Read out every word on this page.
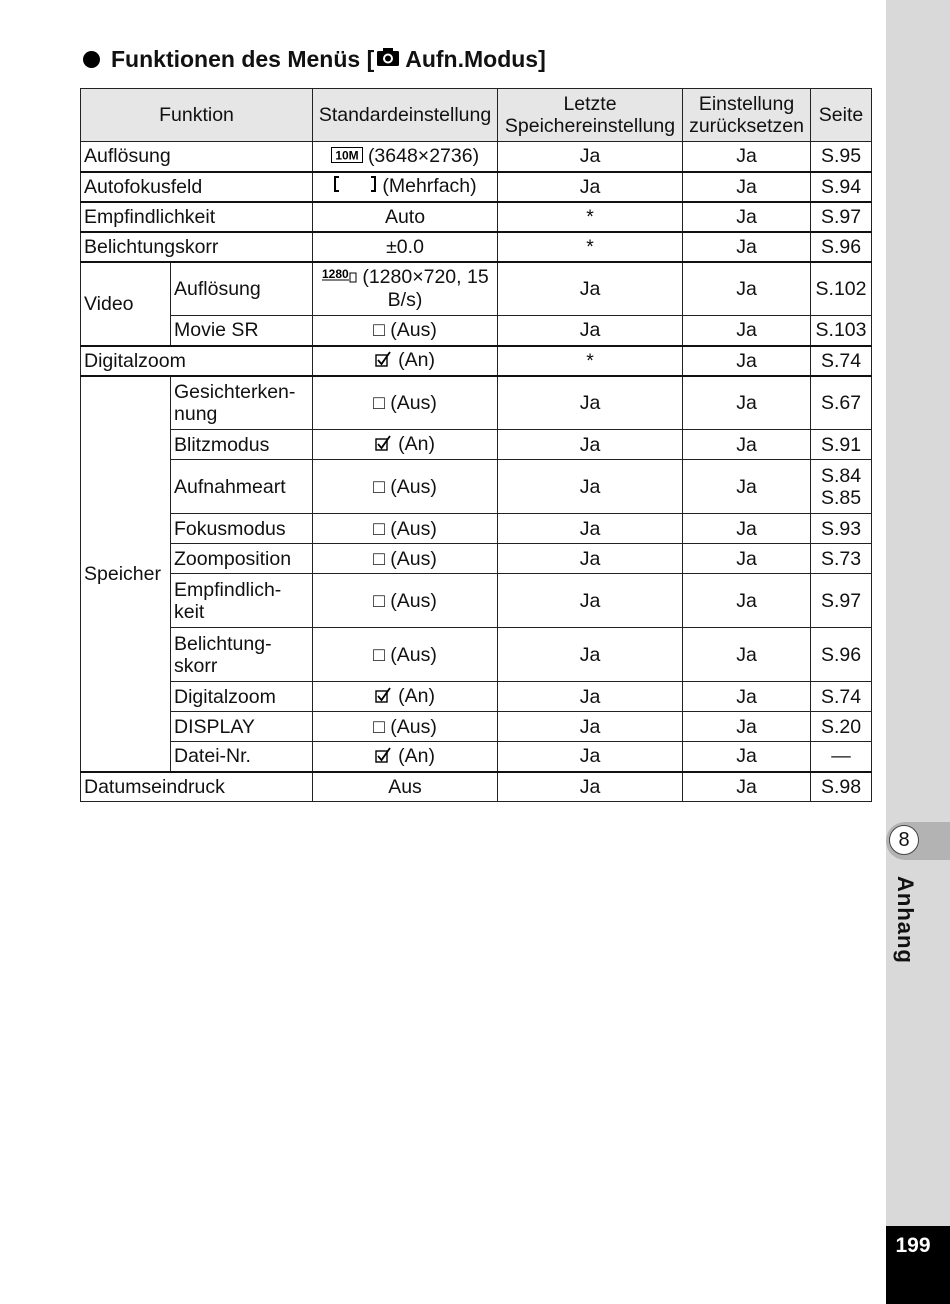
Funktionen des Menüs [ Aufn.Modus]
Funktion		Standardeinstellung	Letzte Speichereinstellung	Einstellung zurücksetzen	Seite
Auflösung		10M (3648×2736)	Ja	Ja	S.95
Autofokusfeld		(Mehrfach)	Ja	Ja	S.94
Empfindlichkeit		Auto	*	Ja	S.97
Belichtungskorr		±0.0	*	Ja	S.96
Video	Auflösung	1280 (1280×720, 15 B/s)	Ja	Ja	S.102
	Movie SR	□ (Aus)	Ja	Ja	S.103
Digitalzoom		(An)	*	Ja	S.74
Speicher	Gesichterken-nung	□ (Aus)	Ja	Ja	S.67
	Blitzmodus	(An)	Ja	Ja	S.91
	Aufnahmeart	□ (Aus)	Ja	Ja	S.84 S.85
	Fokusmodus	□ (Aus)	Ja	Ja	S.93
	Zoomposition	□ (Aus)	Ja	Ja	S.73
	Empfindlich-keit	□ (Aus)	Ja	Ja	S.97
	Belichtung-skorr	□ (Aus)	Ja	Ja	S.96
	Digitalzoom	(An)	Ja	Ja	S.74
	DISPLAY	□ (Aus)	Ja	Ja	S.20
	Datei-Nr.	(An)	Ja	Ja	—
Datumseindruck		Aus	Ja	Ja	S.98
8
Anhang
199
